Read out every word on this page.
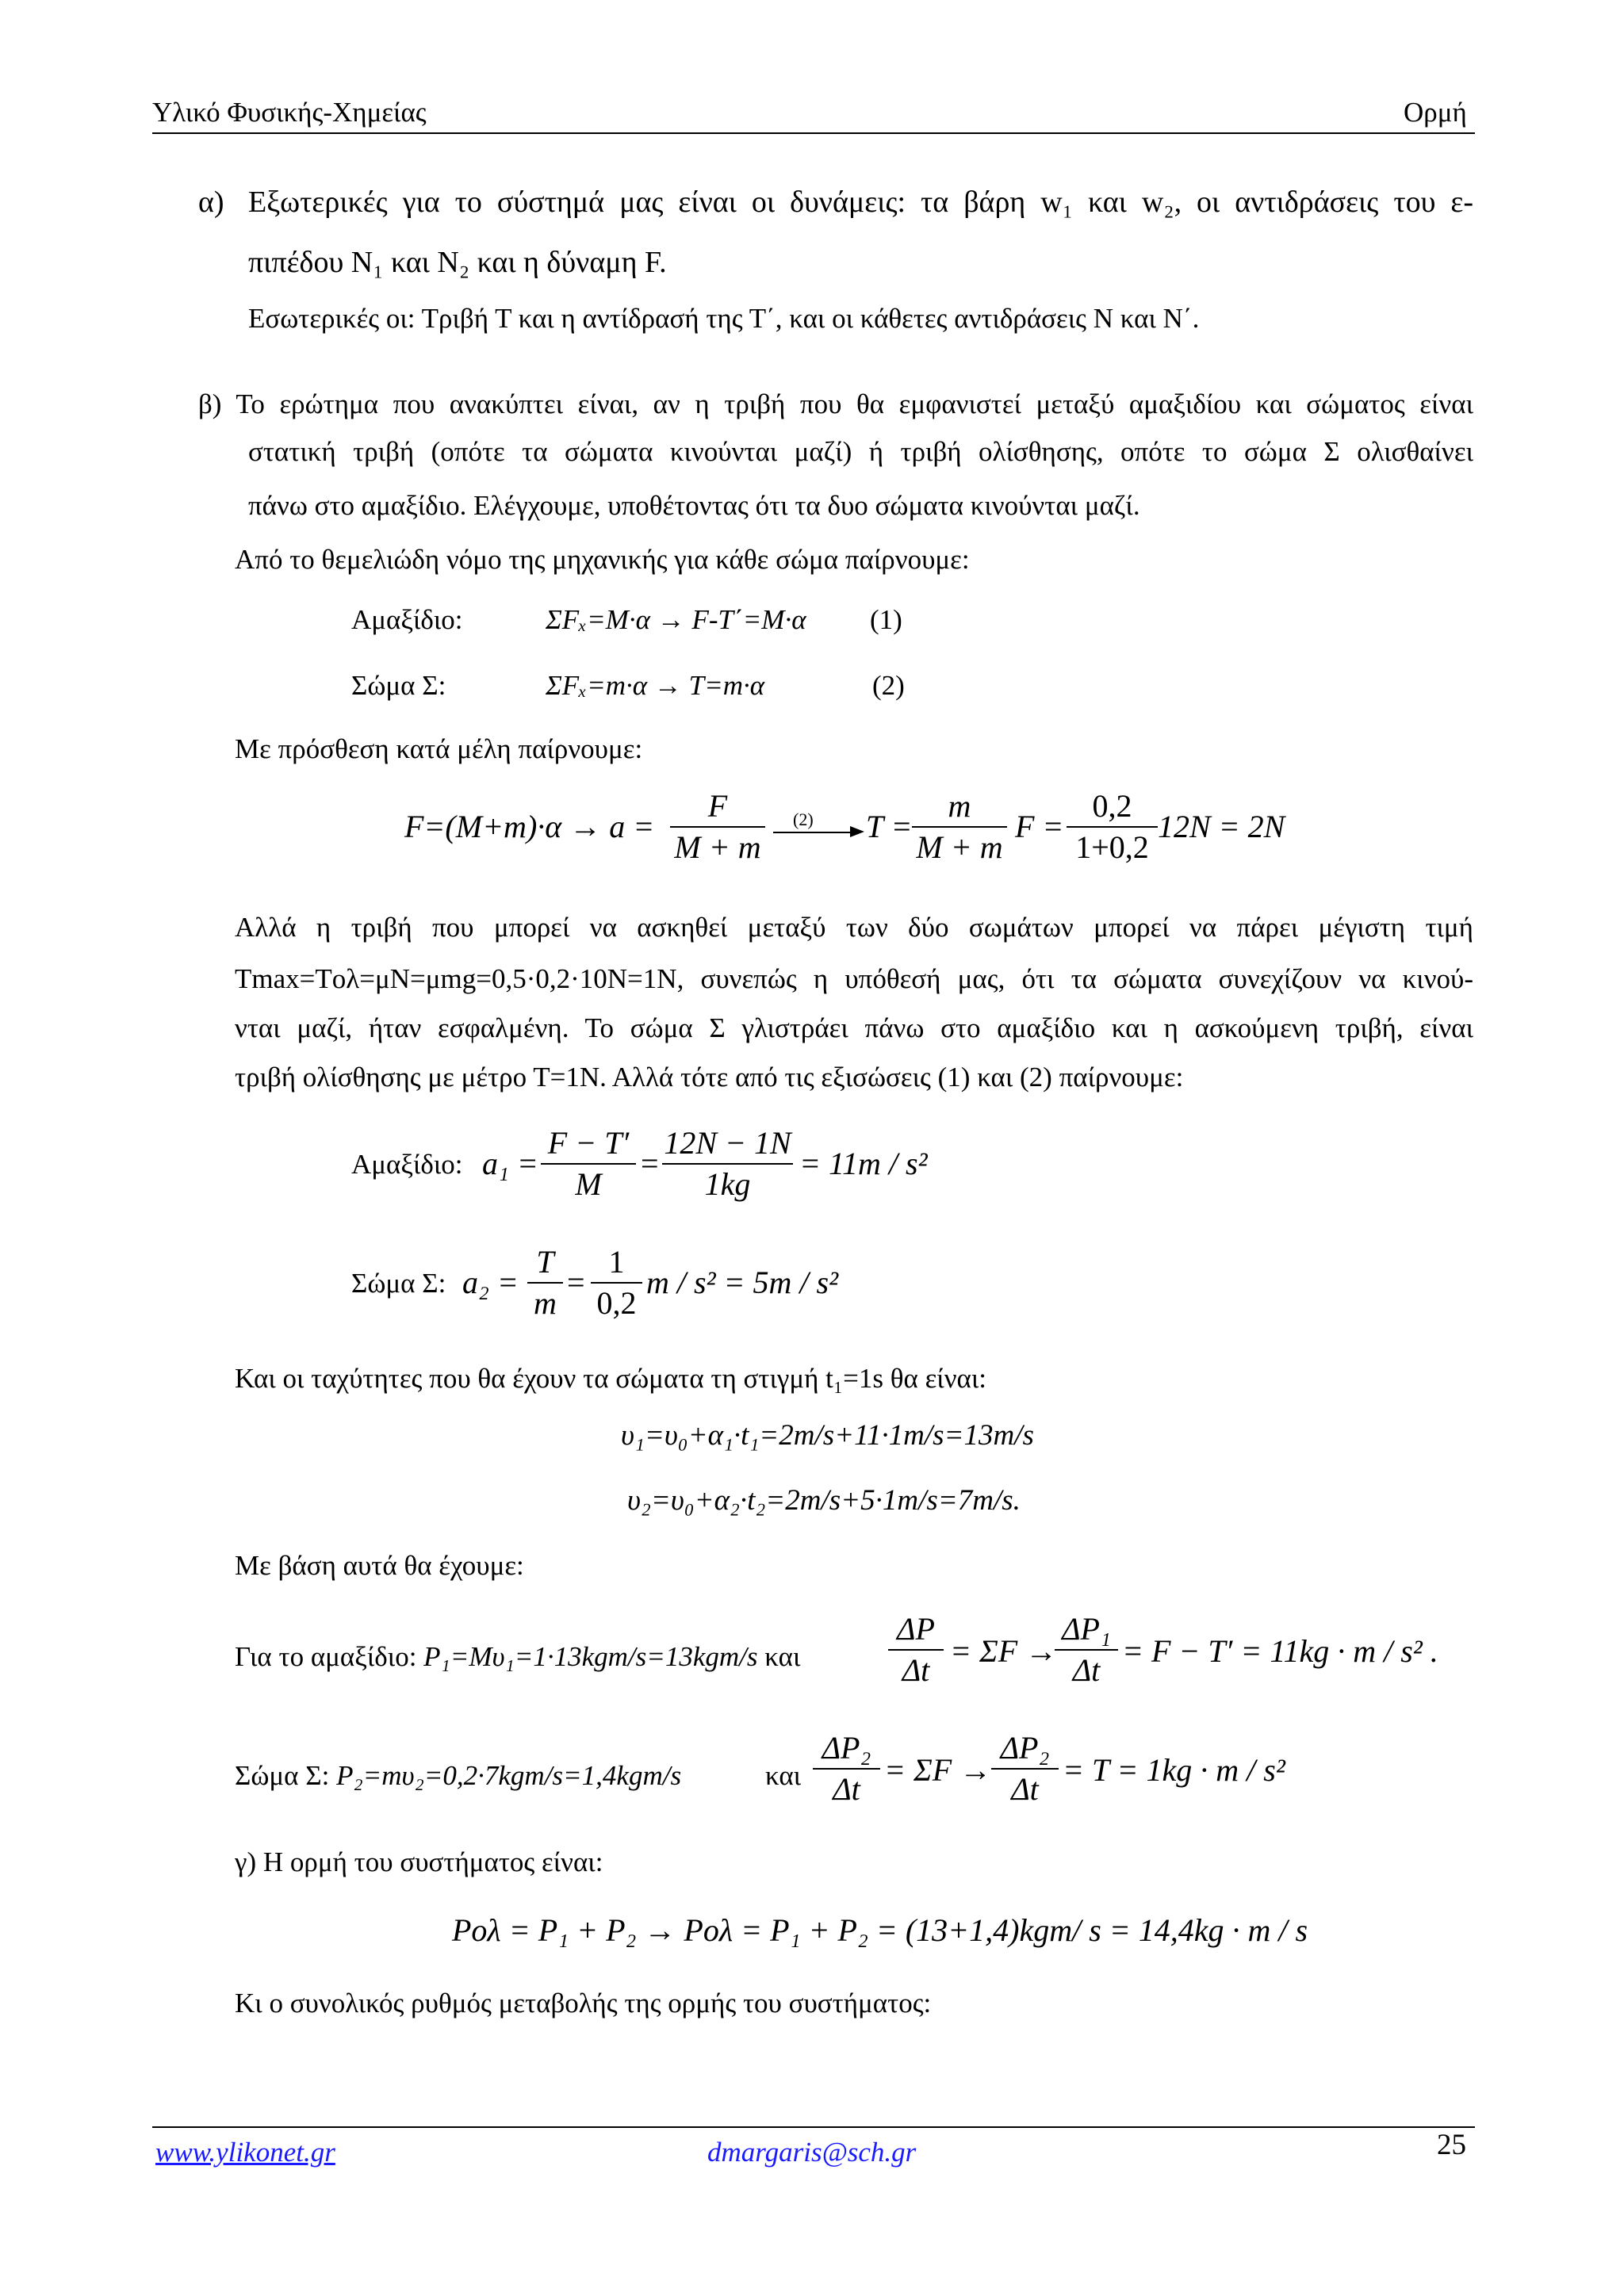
Υλικό Φυσικής-Χημείας	Ορμή
α) Εξωτερικές για το σύστημά μας είναι οι δυνάμεις: τα βάρη w₁ και w₂, οι αντιδράσεις του ε-
πιπέδου N₁ και N₂ και η δύναμη F.
Εσωτερικές οι: Τριβή Τ και η αντίδρασή της Τ΄, και οι κάθετες αντιδράσεις Ν και Ν΄.
β) Το ερώτημα που ανακύπτει είναι, αν η τριβή που θα εμφανιστεί μεταξύ αμαξιδίου και σώματος είναι
στατική τριβή (οπότε τα σώματα κινούνται μαζί) ή τριβή ολίσθησης, οπότε το σώμα Σ ολισθαίνει
πάνω στο αμαξίδιο. Ελέγχουμε, υποθέτοντας ότι τα δυο σώματα κινούνται μαζί.
Από το θεμελιώδη νόμο της μηχανικής για κάθε σώμα παίρνουμε:
Αμαξίδιο:	ΣFₓ=M·α → F-T΄=M·α (1)
Σώμα Σ:	ΣFₓ=m·α → T=m·α	(2)
Με πρόσθεση κατά μέλη παίρνουμε:
F=(M+m)·α → a =
F
M + m
(2) T =
m
M + m
F =
0,2
1+0,2
12N = 2N
Αλλά η τριβή που μπορεί να ασκηθεί μεταξύ των δύο σωμάτων μπορεί να πάρει μέγιστη τιμή
Tmax=Tολ=μN=μmg=0,5·0,2·10N=1N, συνεπώς η υπόθεσή μας, ότι τα σώματα συνεχίζουν να κινού-
νται μαζί, ήταν εσφαλμένη. Το σώμα Σ γλιστράει πάνω στο αμαξίδιο και η ασκούμενη τριβή, είναι
τριβή ολίσθησης με μέτρο Τ=1Ν. Αλλά τότε από τις εξισώσεις (1) και (2) παίρνουμε:
Αμαξίδιο: a₁ =
F − T′
M
=
12N − 1N
1kg
= 11m / s²
Σώμα Σ: a₂ =
T
m
=
1
0,2
m / s² = 5m / s²
Και οι ταχύτητες που θα έχουν τα σώματα τη στιγμή t₁=1s θα είναι:
υ₁=υ₀+α₁·t₁=2m/s+11·1m/s=13m/s
υ₂=υ₀+α₂·t₂=2m/s+5·1m/s=7m/s.
Με βάση αυτά θα έχουμε:
Για το αμαξίδιο: P₁=Mυ₁=1·13kgm/s=13kgm/s και
ΔP
Δt
= ΣF →
ΔP₁
Δt
= F − T′ = 11kg · m / s² .
Σώμα Σ: P₂=mυ₂=0,2·7kgm/s=1,4kgm/s	και
ΔP₂
Δt
= ΣF →
ΔP₂
Δt
= T = 1kg · m / s²
γ) Η ορμή του συστήματος είναι:
Pολ = P₁ + P₂ → Pολ = P₁ + P₂ = (13+1,4)kgm/ s = 14,4kg · m / s
Κι ο συνολικός ρυθμός μεταβολής της ορμής του συστήματος:
www.ylikonet.gr	dmargaris@sch.gr	25
